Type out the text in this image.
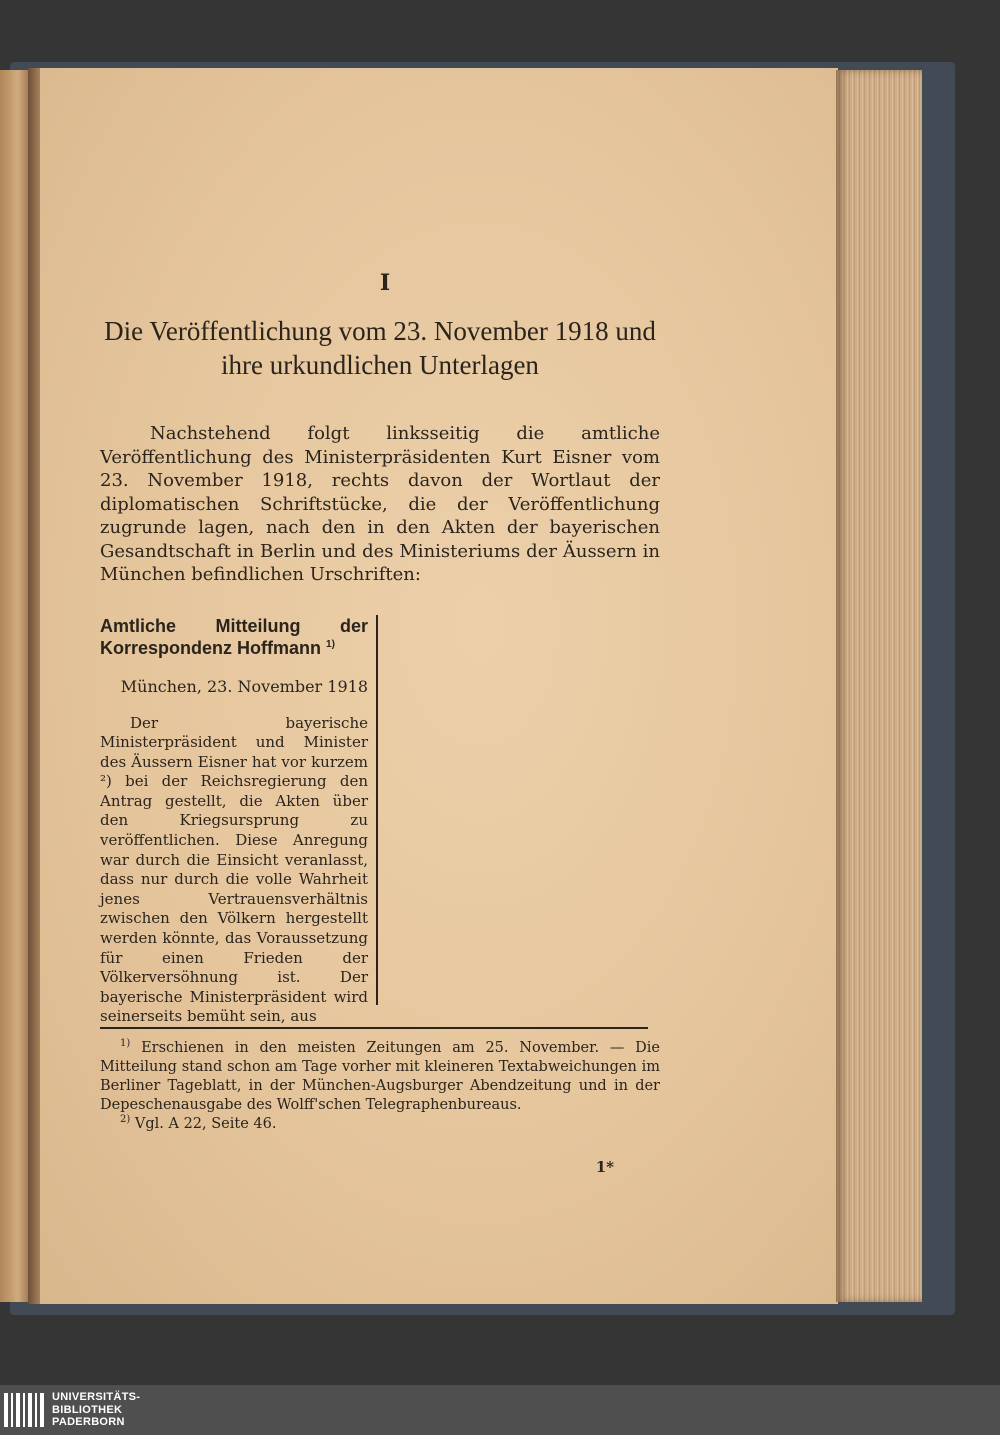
I
Die Veröffentlichung vom 23. November 1918 und
ihre urkundlichen Unterlagen

Nachstehend folgt linksseitig die amtliche Veröffentlichung des Ministerpräsidenten Kurt Eisner vom 23. November 1918, rechts davon der Wortlaut der diplomatischen Schriftstücke, die der Veröffentlichung zugrunde lagen, nach den in den Akten der bayerischen Gesandtschaft in Berlin und des Ministeriums der Äussern in München befindlichen Urschriften:

Amtliche Mitteilung der
Korrespondenz Hoffmann $^{1)}$
München, 23. November 1918

Der bayerische Ministerpräsident und Minister des Äussern Eisner hat vor kurzem ²) bei der Reichsregierung den Antrag gestellt, die Akten über den Kriegsursprung zu veröffentlichen. Diese Anregung war durch die Einsicht veranlasst, dass nur durch die volle Wahrheit jenes Vertrauensverhältnis zwischen den Völkern hergestellt werden könnte, das Voraussetzung für einen Frieden der Völkerversöhnung ist. Der bayerische Ministerpräsident wird seinerseits bemüht sein, aus

$^{1)}$ Erschienen in den meisten Zeitungen am 25. November. — Die Mitteilung stand schon am Tage vorher mit kleineren Textabweichungen im Berliner Tageblatt, in der München-Augsburger Abendzeitung und in der Depeschenausgabe des Wolff'schen Telegraphenbureaus.

$^{2)}$ Vgl. A 22, Seite 46.

1*
UNIVERSITÄTS-
BIBLIOTHEK
PADERBORN
